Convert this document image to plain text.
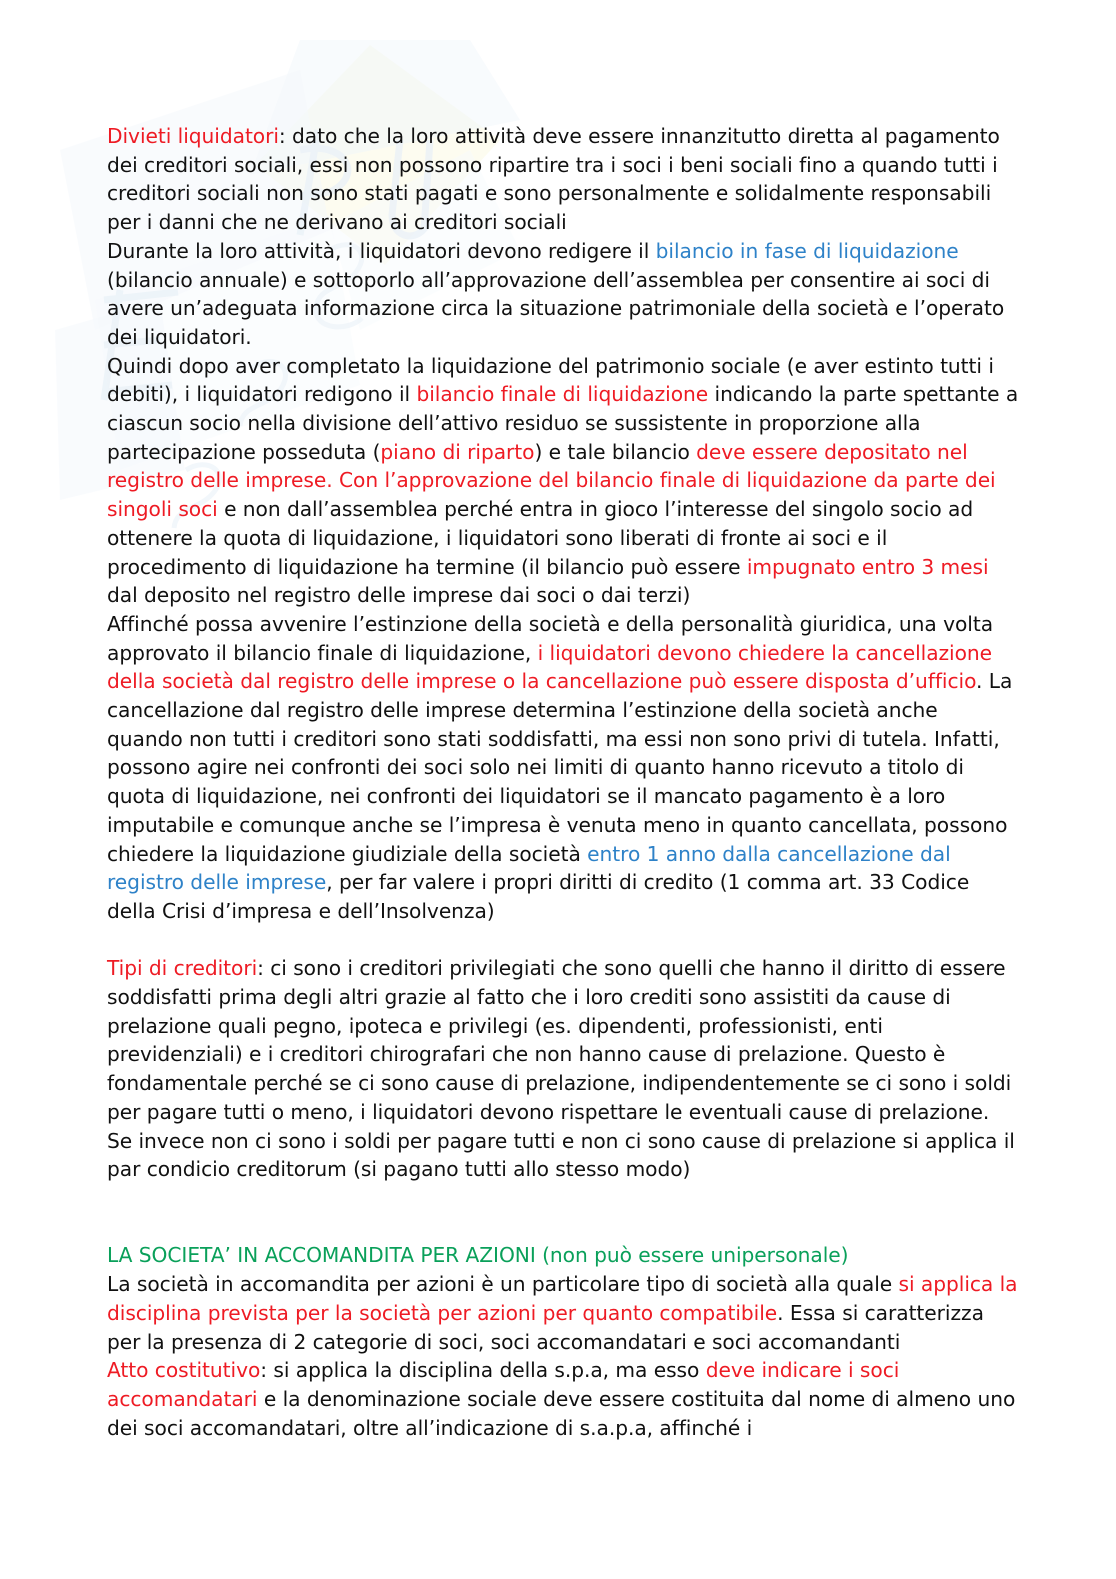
Divieti liquidatori: dato che la loro attività deve essere innanzitutto diretta al pagamento dei creditori sociali, essi non possono ripartire tra i soci i beni sociali fino a quando tutti i creditori sociali non sono stati pagati e sono personalmente e solidalmente responsabili per i danni che ne derivano ai creditori sociali
Durante la loro attività, i liquidatori devono redigere il bilancio in fase di liquidazione (bilancio annuale) e sottoporlo all’approvazione dell’assemblea per consentire ai soci di avere un’adeguata informazione circa la situazione patrimoniale della società e l’operato dei liquidatori.
Quindi dopo aver completato la liquidazione del patrimonio sociale (e aver estinto tutti i debiti), i liquidatori redigono il bilancio finale di liquidazione indicando la parte spettante a ciascun socio nella divisione dell’attivo residuo se sussistente in proporzione alla partecipazione posseduta (piano di riparto) e tale bilancio deve essere depositato nel registro delle imprese. Con l’approvazione del bilancio finale di liquidazione da parte dei singoli soci e non dall’assemblea perché entra in gioco l’interesse del singolo socio ad ottenere la quota di liquidazione, i liquidatori sono liberati di fronte ai soci e il procedimento di liquidazione ha termine (il bilancio può essere impugnato entro 3 mesi dal deposito nel registro delle imprese dai soci o dai terzi)
Affinché possa avvenire l’estinzione della società e della personalità giuridica, una volta approvato il bilancio finale di liquidazione, i liquidatori devono chiedere la cancellazione della società dal registro delle imprese o la cancellazione può essere disposta d’ufficio. La cancellazione dal registro delle imprese determina l’estinzione della società anche quando non tutti i creditori sono stati soddisfatti, ma essi non sono privi di tutela. Infatti, possono agire nei confronti dei soci solo nei limiti di quanto hanno ricevuto a titolo di quota di liquidazione, nei confronti dei liquidatori se il mancato pagamento è a loro imputabile e comunque anche se l’impresa è venuta meno in quanto cancellata, possono chiedere la liquidazione giudiziale della società entro 1 anno dalla cancellazione dal registro delle imprese, per far valere i propri diritti di credito (1 comma art. 33 Codice della Crisi d’impresa e dell’Insolvenza)

Tipi di creditori: ci sono i creditori privilegiati che sono quelli che hanno il diritto di essere soddisfatti prima degli altri grazie al fatto che i loro crediti sono assistiti da cause di prelazione quali pegno, ipoteca e privilegi (es. dipendenti, professionisti, enti previdenziali) e i creditori chirografari che non hanno cause di prelazione. Questo è fondamentale perché se ci sono cause di prelazione, indipendentemente se ci sono i soldi per pagare tutti o meno, i liquidatori devono rispettare le eventuali cause di prelazione. Se invece non ci sono i soldi per pagare tutti e non ci sono cause di prelazione si applica il par condicio creditorum (si pagano tutti allo stesso modo)

LA SOCIETA’ IN ACCOMANDITA PER AZIONI (non può essere unipersonale)
La società in accomandita per azioni è un particolare tipo di società alla quale si applica la disciplina prevista per la società per azioni per quanto compatibile. Essa si caratterizza per la presenza di 2 categorie di soci, soci accomandatari e soci accomandanti
Atto costitutivo: si applica la disciplina della s.p.a, ma esso deve indicare i soci accomandatari e la denominazione sociale deve essere costituita dal nome di almeno uno dei soci accomandatari, oltre all’indicazione di s.a.p.a, affinché i
